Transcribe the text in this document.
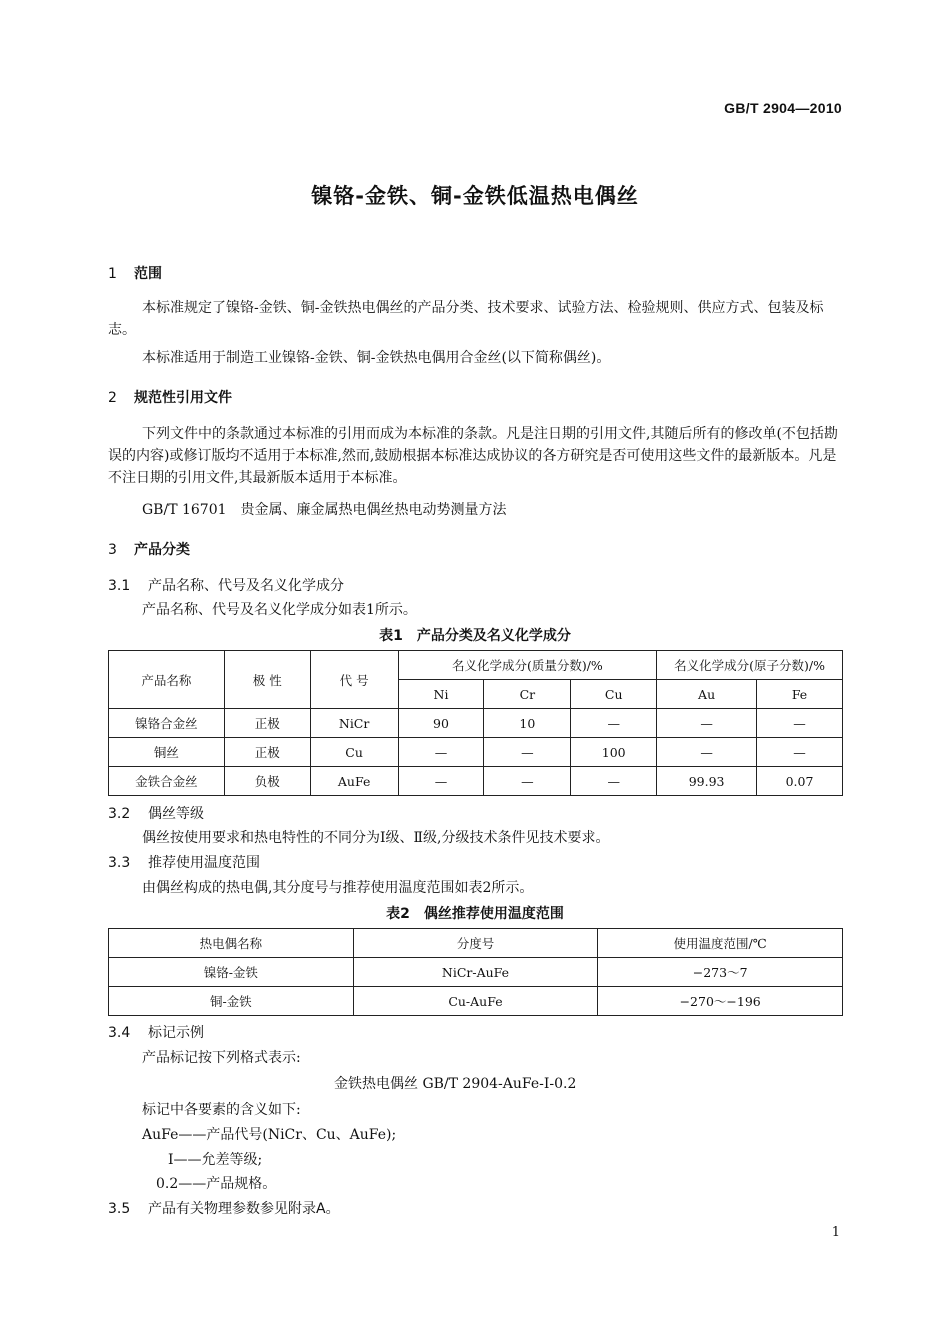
GB/T 2904—2010
镍铬-金铁、铜-金铁低温热电偶丝
1 范围
本标准规定了镍铬-金铁、铜-金铁热电偶丝的产品分类、技术要求、试验方法、检验规则、供应方式、包装及标志。
本标准适用于制造工业镍铬-金铁、铜-金铁热电偶用合金丝(以下简称偶丝)。
2 规范性引用文件
下列文件中的条款通过本标准的引用而成为本标准的条款。凡是注日期的引用文件,其随后所有的修改单(不包括勘误的内容)或修订版均不适用于本标准,然而,鼓励根据本标准达成协议的各方研究是否可使用这些文件的最新版本。凡是不注日期的引用文件,其最新版本适用于本标准。
GB/T 16701　贵金属、廉金属热电偶丝热电动势测量方法
3 产品分类
3.1 产品名称、代号及名义化学成分
产品名称、代号及名义化学成分如表1所示。
表1　产品分类及名义化学成分
产品名称	极 性	代 号	名义化学成分(质量分数)/%			名义化学成分(原子分数)/%	
			Ni	Cr	Cu	Au	Fe
镍铬合金丝	正极	NiCr	90	10	—	—	—
铜丝	正极	Cu	—	—	100	—	—
金铁合金丝	负极	AuFe	—	—	—	99.93	0.07
3.2 偶丝等级
偶丝按使用要求和热电特性的不同分为Ⅰ级、Ⅱ级,分级技术条件见技术要求。
3.3 推荐使用温度范围
由偶丝构成的热电偶,其分度号与推荐使用温度范围如表2所示。
表2　偶丝推荐使用温度范围
热电偶名称	分度号	使用温度范围/℃
镍铬-金铁	NiCr-AuFe	−273～7
铜-金铁	Cu-AuFe	−270～−196
3.4 标记示例
产品标记按下列格式表示:
金铁热电偶丝 GB/T 2904-AuFe-Ⅰ-0.2
标记中各要素的含义如下:
AuFe——产品代号(NiCr、Cu、AuFe);
Ⅰ——允差等级;
0.2——产品规格。
3.5 产品有关物理参数参见附录A。
1
